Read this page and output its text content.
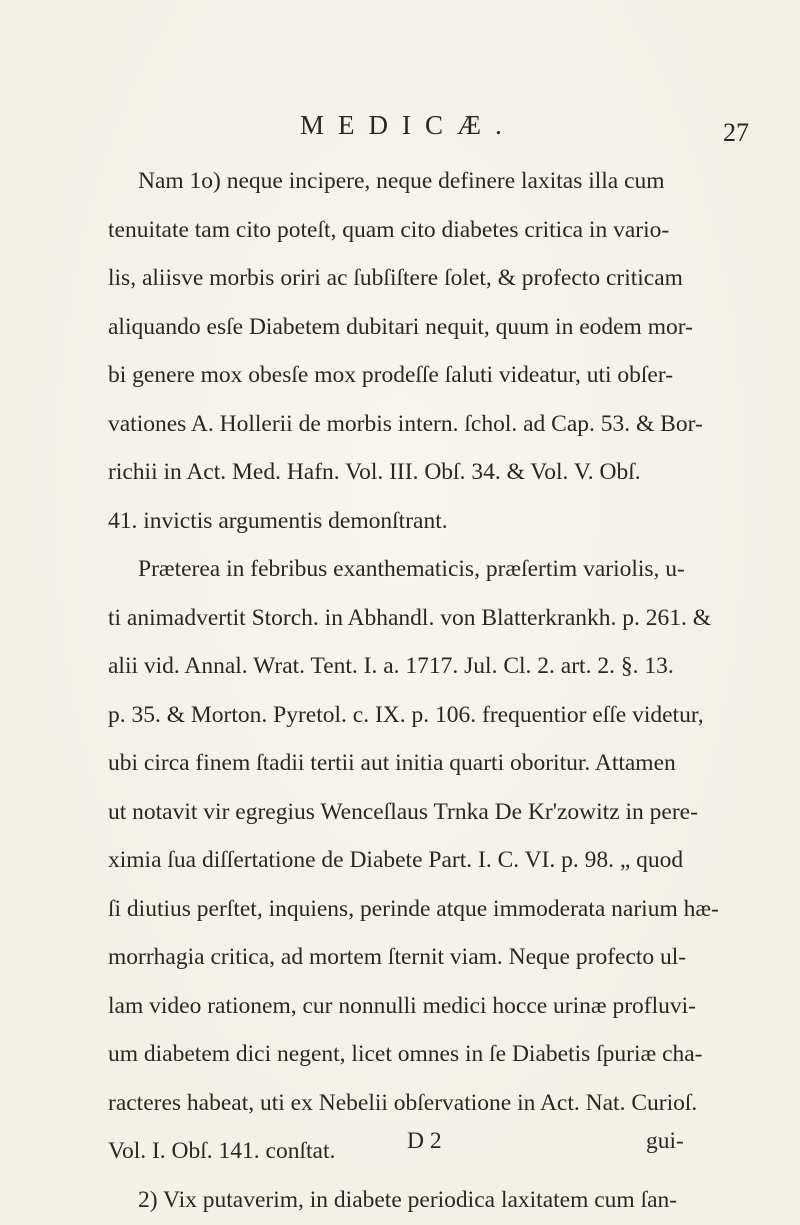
MEDICÆ.	27
Nam 1o) neque incipere, neque definere laxitas illa cum
tenuitate tam cito poteſt, quam cito diabetes critica in vario-
lis, aliisve morbis oriri ac ſubſiſtere ſolet, & profecto criticam
aliquando esſe Diabetem dubitari nequit, quum in eodem mor-
bi genere mox obesſe mox prodeſſe ſaluti videatur, uti obſer-
vationes A. Hollerii de morbis intern. ſchol. ad Cap. 53. & Bor-
richii in Act. Med. Hafn. Vol. III. Obſ. 34. & Vol. V. Obſ.
41. invictis argumentis demonſtrant.
Præterea in febribus exanthematicis, præſertim variolis, u-
ti animadvertit Storch. in Abhandl. von Blatterkrankh. p. 261. &
alii vid. Annal. Wrat. Tent. I. a. 1717. Jul. Cl. 2. art. 2. §. 13.
p. 35. & Morton. Pyretol. c. IX. p. 106. frequentior eſſe videtur,
ubi circa finem ſtadii tertii aut initia quarti oboritur. Attamen
ut notavit vir egregius Wenceſlaus Trnka De Kr'zowitz in pere-
ximia ſua diſſertatione de Diabete Part. I. C. VI. p. 98. „ quod
ſi diutius perſtet, inquiens, perinde atque immoderata narium hæ-
morrhagia critica, ad mortem ſternit viam. Neque profecto ul-
lam video rationem, cur nonnulli medici hocce urinæ profluvi-
um diabetem dici negent, licet omnes in ſe Diabetis ſpuriæ cha-
racteres habeat, uti ex Nebelii obſervatione in Act. Nat. Curioſ.
Vol. I. Obſ. 141. conſtat.
2) Vix putaverim, in diabete periodica laxitatem cum ſan-
D 2	gui-
